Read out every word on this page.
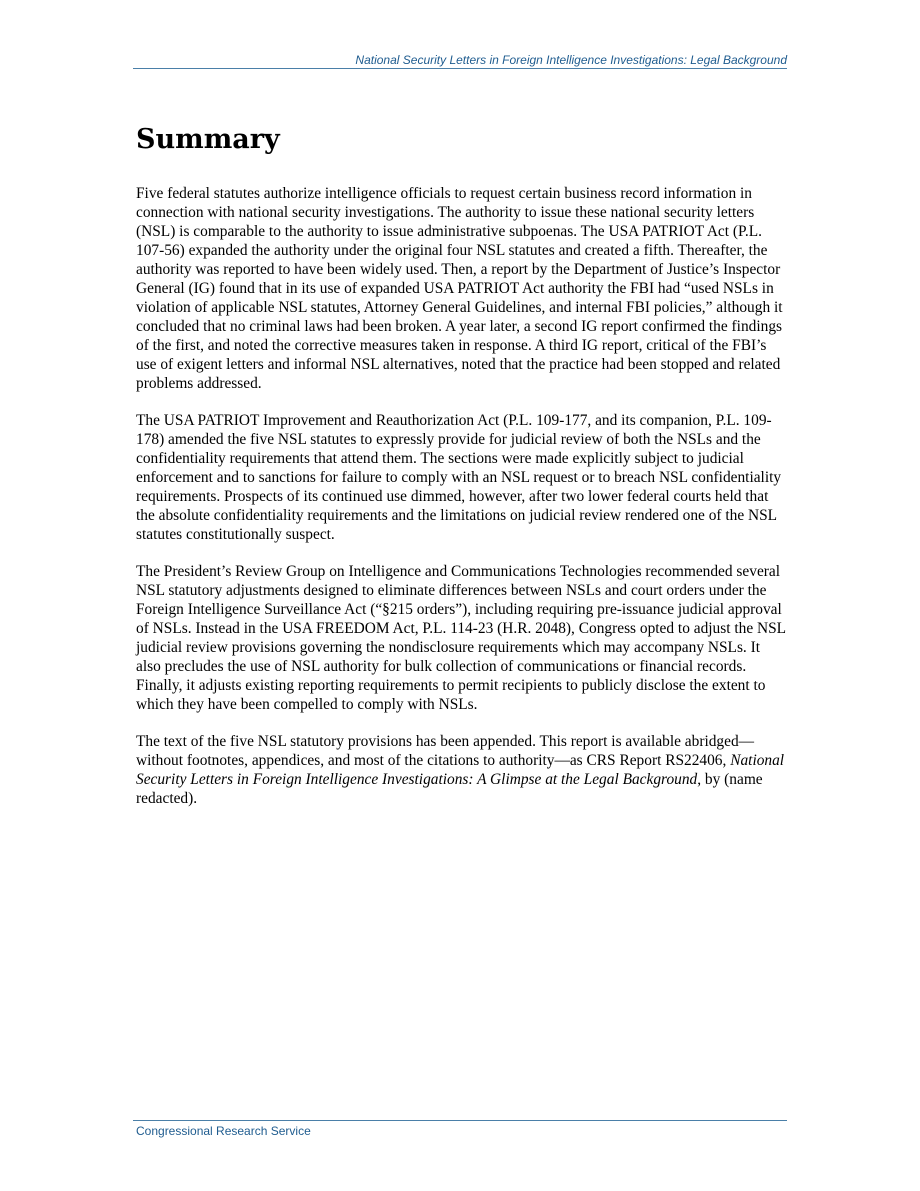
National Security Letters in Foreign Intelligence Investigations: Legal Background
Summary

Five federal statutes authorize intelligence officials to request certain business record information in connection with national security investigations. The authority to issue these national security letters (NSL) is comparable to the authority to issue administrative subpoenas. The USA PATRIOT Act (P.L. 107-56) expanded the authority under the original four NSL statutes and created a fifth. Thereafter, the authority was reported to have been widely used. Then, a report by the Department of Justice’s Inspector General (IG) found that in its use of expanded USA PATRIOT Act authority the FBI had “used NSLs in violation of applicable NSL statutes, Attorney General Guidelines, and internal FBI policies,” although it concluded that no criminal laws had been broken. A year later, a second IG report confirmed the findings of the first, and noted the corrective measures taken in response. A third IG report, critical of the FBI’s use of exigent letters and informal NSL alternatives, noted that the practice had been stopped and related problems addressed.

The USA PATRIOT Improvement and Reauthorization Act (P.L. 109-177, and its companion, P.L. 109-178) amended the five NSL statutes to expressly provide for judicial review of both the NSLs and the confidentiality requirements that attend them. The sections were made explicitly subject to judicial enforcement and to sanctions for failure to comply with an NSL request or to breach NSL confidentiality requirements. Prospects of its continued use dimmed, however, after two lower federal courts held that the absolute confidentiality requirements and the limitations on judicial review rendered one of the NSL statutes constitutionally suspect.

The President’s Review Group on Intelligence and Communications Technologies recommended several NSL statutory adjustments designed to eliminate differences between NSLs and court orders under the Foreign Intelligence Surveillance Act (“§215 orders”), including requiring pre-issuance judicial approval of NSLs. Instead in the USA FREEDOM Act, P.L. 114-23 (H.R. 2048), Congress opted to adjust the NSL judicial review provisions governing the nondisclosure requirements which may accompany NSLs. It also precludes the use of NSL authority for bulk collection of communications or financial records. Finally, it adjusts existing reporting requirements to permit recipients to publicly disclose the extent to which they have been compelled to comply with NSLs.

The text of the five NSL statutory provisions has been appended. This report is available abridged—without footnotes, appendices, and most of the citations to authority—as CRS Report RS22406, National Security Letters in Foreign Intelligence Investigations: A Glimpse at the Legal Background, by (name redacted).

Congressional Research Service
